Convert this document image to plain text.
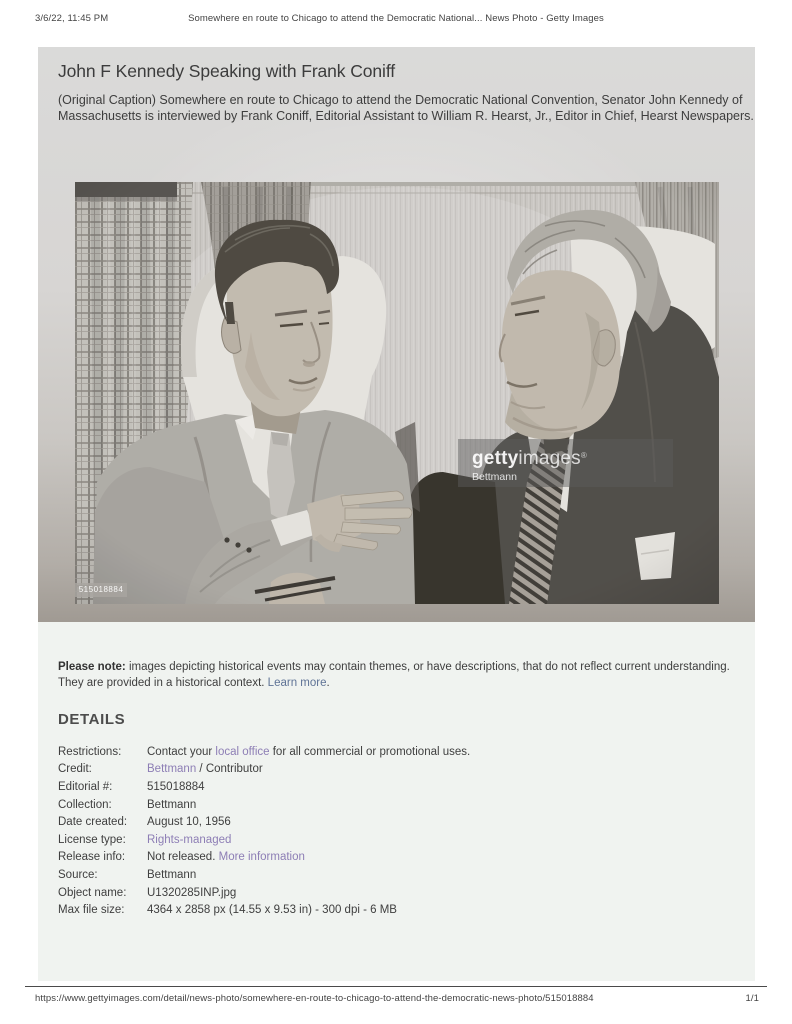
3/6/22, 11:45 PM	Somewhere en route to Chicago to attend the Democratic National... News Photo - Getty Images
John F Kennedy Speaking with Frank Coniff

(Original Caption) Somewhere en route to Chicago to attend the Democratic National Convention, Senator John Kennedy of Massachusetts is interviewed by Frank Coniff, Editorial Assistant to William R. Hearst, Jr., Editor in Chief, Hearst Newspapers.

gettyimages®
Bettmann
515018884

Please note: images depicting historical events may contain themes, or have descriptions, that do not reflect current understanding. They are provided in a historical context. Learn more.

DETAILS
Restrictions:	Contact your local office for all commercial or promotional uses.
Credit:	Bettmann / Contributor
Editorial #:	515018884
Collection:	Bettmann
Date created:	August 10, 1956
License type:	Rights-managed
Release info:	Not released. More information
Source:	Bettmann
Object name:	U1320285INP.jpg
Max file size:	4364 x 2858 px (14.55 x 9.53 in) - 300 dpi - 6 MB
https://www.gettyimages.com/detail/news-photo/somewhere-en-route-to-chicago-to-attend-the-democratic-news-photo/515018884	1/1
